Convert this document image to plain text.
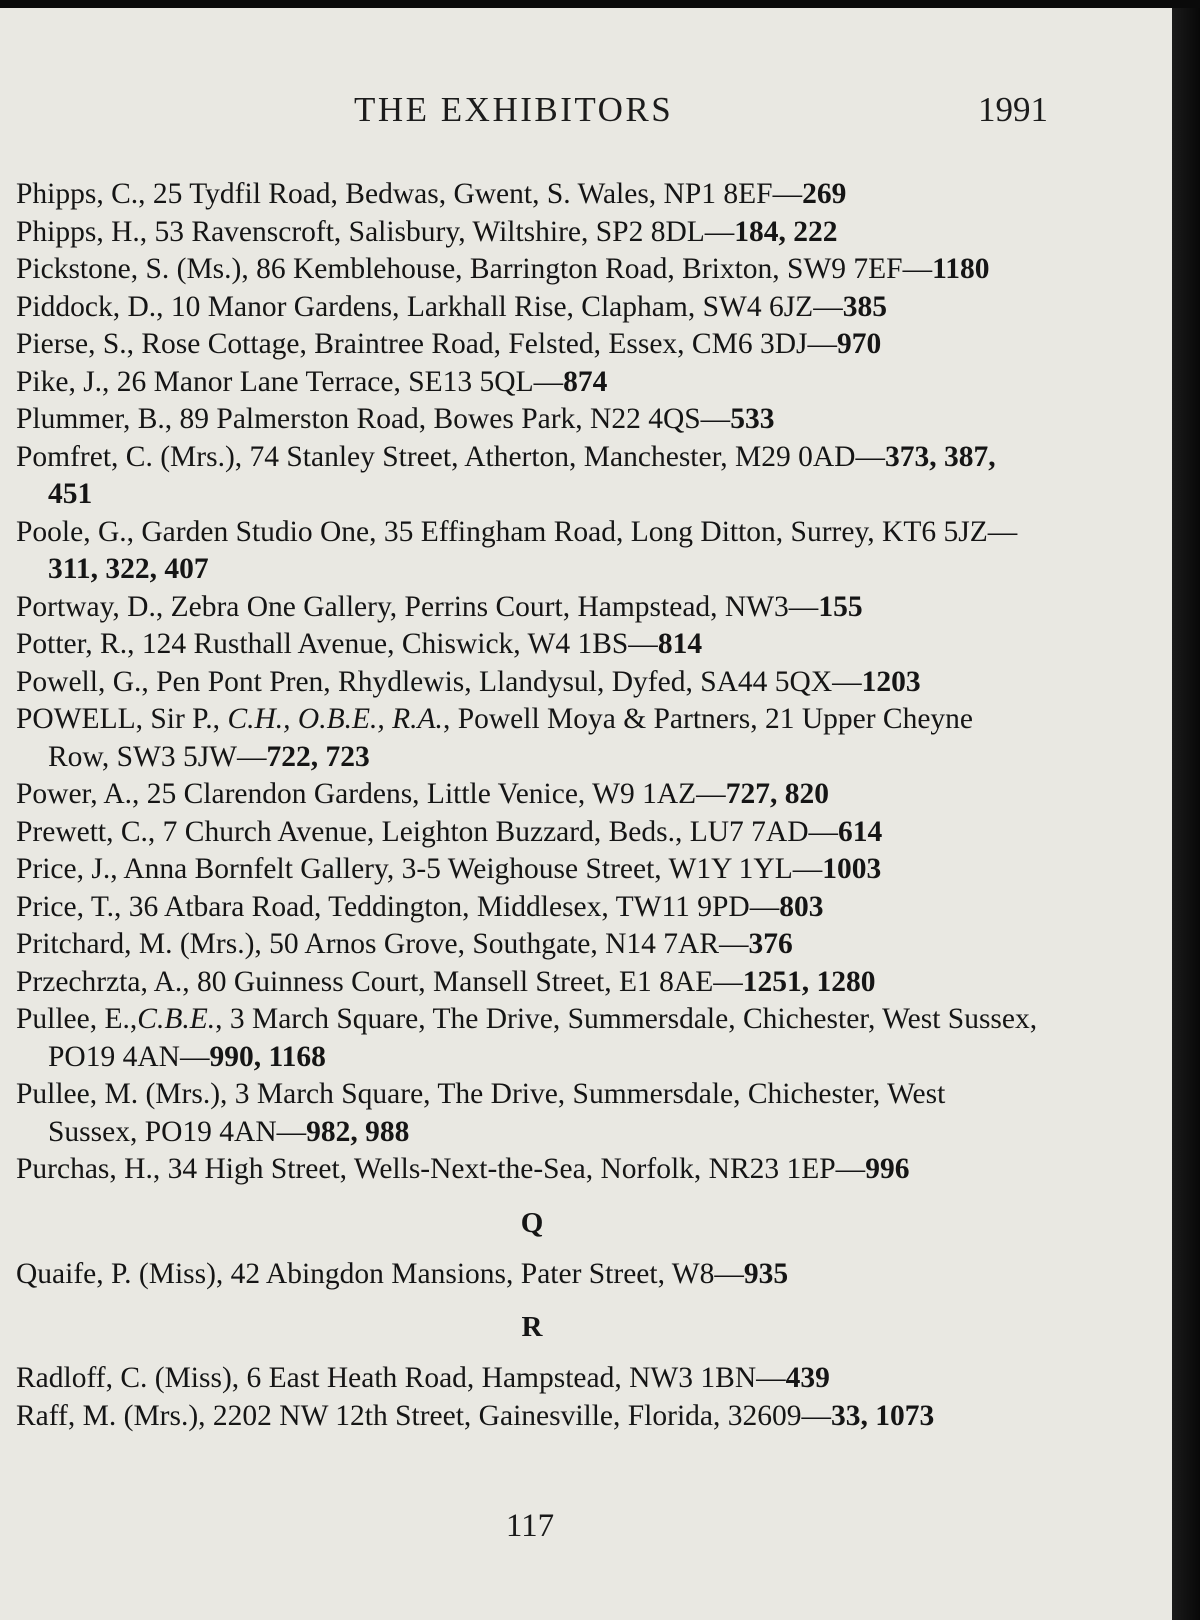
THE EXHIBITORS	1991
Phipps, C., 25 Tydfil Road, Bedwas, Gwent, S. Wales, NP1 8EF—269
Phipps, H., 53 Ravenscroft, Salisbury, Wiltshire, SP2 8DL—184, 222
Pickstone, S. (Ms.), 86 Kemblehouse, Barrington Road, Brixton, SW9 7EF—1180
Piddock, D., 10 Manor Gardens, Larkhall Rise, Clapham, SW4 6JZ—385
Pierse, S., Rose Cottage, Braintree Road, Felsted, Essex, CM6 3DJ—970
Pike, J., 26 Manor Lane Terrace, SE13 5QL—874
Plummer, B., 89 Palmerston Road, Bowes Park, N22 4QS—533
Pomfret, C. (Mrs.), 74 Stanley Street, Atherton, Manchester, M29 0AD—373, 387, 451
Poole, G., Garden Studio One, 35 Effingham Road, Long Ditton, Surrey, KT6 5JZ—311, 322, 407
Portway, D., Zebra One Gallery, Perrins Court, Hampstead, NW3—155
Potter, R., 124 Rusthall Avenue, Chiswick, W4 1BS—814
Powell, G., Pen Pont Pren, Rhydlewis, Llandysul, Dyfed, SA44 5QX—1203
POWELL, Sir P., C.H., O.B.E., R.A., Powell Moya & Partners, 21 Upper Cheyne Row, SW3 5JW—722, 723
Power, A., 25 Clarendon Gardens, Little Venice, W9 1AZ—727, 820
Prewett, C., 7 Church Avenue, Leighton Buzzard, Beds., LU7 7AD—614
Price, J., Anna Bornfelt Gallery, 3-5 Weighouse Street, W1Y 1YL—1003
Price, T., 36 Atbara Road, Teddington, Middlesex, TW11 9PD—803
Pritchard, M. (Mrs.), 50 Arnos Grove, Southgate, N14 7AR—376
Przechrzta, A., 80 Guinness Court, Mansell Street, E1 8AE—1251, 1280
Pullee, E.,C.B.E., 3 March Square, The Drive, Summersdale, Chichester, West Sussex, PO19 4AN—990, 1168
Pullee, M. (Mrs.), 3 March Square, The Drive, Summersdale, Chichester, West Sussex, PO19 4AN—982, 988
Purchas, H., 34 High Street, Wells-Next-the-Sea, Norfolk, NR23 1EP—996
Q
Quaife, P. (Miss), 42 Abingdon Mansions, Pater Street, W8—935
R
Radloff, C. (Miss), 6 East Heath Road, Hampstead, NW3 1BN—439
Raff, M. (Mrs.), 2202 NW 12th Street, Gainesville, Florida, 32609—33, 1073
117
